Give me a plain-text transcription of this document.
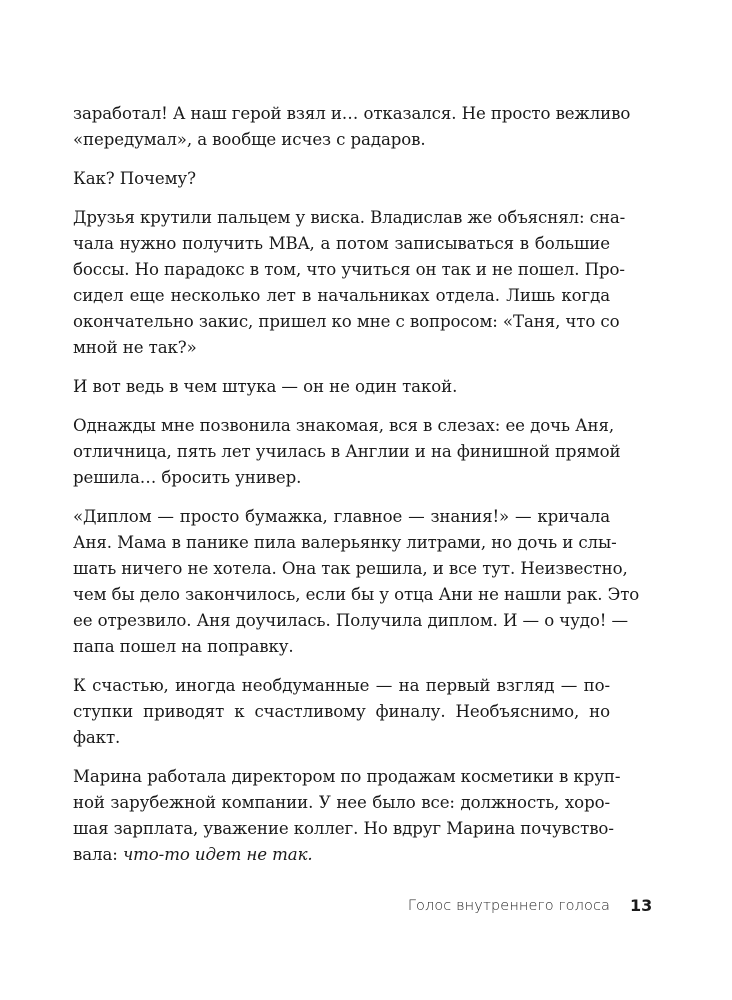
заработал! А наш герой взял и… отказался. Не просто вежливо
«передумал», а вообще исчез с радаров.

Как? Почему?

Друзья крутили пальцем у виска. Владислав же объяснял: сна-
чала нужно получить MBA, а потом записываться в большие
боссы. Но парадокс в том, что учиться он так и не пошел. Про-
сидел еще несколько лет в начальниках отдела. Лишь когда
окончательно закис, пришел ко мне с вопросом: «Таня, что со
мной не так?»

И вот ведь в чем штука — он не один такой.

Однажды мне позвонила знакомая, вся в слезах: ее дочь Аня,
отличница, пять лет училась в Англии и на финишной прямой
решила… бросить универ.

«Диплом — просто бумажка, главное — знания!» — кричала
Аня. Мама в панике пила валерьянку литрами, но дочь и слы-
шать ничего не хотела. Она так решила, и все тут. Неизвестно,
чем бы дело закончилось, если бы у отца Ани не нашли рак. Это
ее отрезвило. Аня доучилась. Получила диплом. И — о чудо! —
папа пошел на поправку.

К счастью, иногда необдуманные — на первый взгляд — по-
ступки приводят к счастливому финалу. Необъяснимо, но
факт.

Марина работала директором по продажам косметики в круп-
ной зарубежной компании. У нее было все: должность, хоро-
шая зарплата, уважение коллег. Но вдруг Марина почувство-
вала: что-то идет не так.

Голос внутреннего голоса 13
